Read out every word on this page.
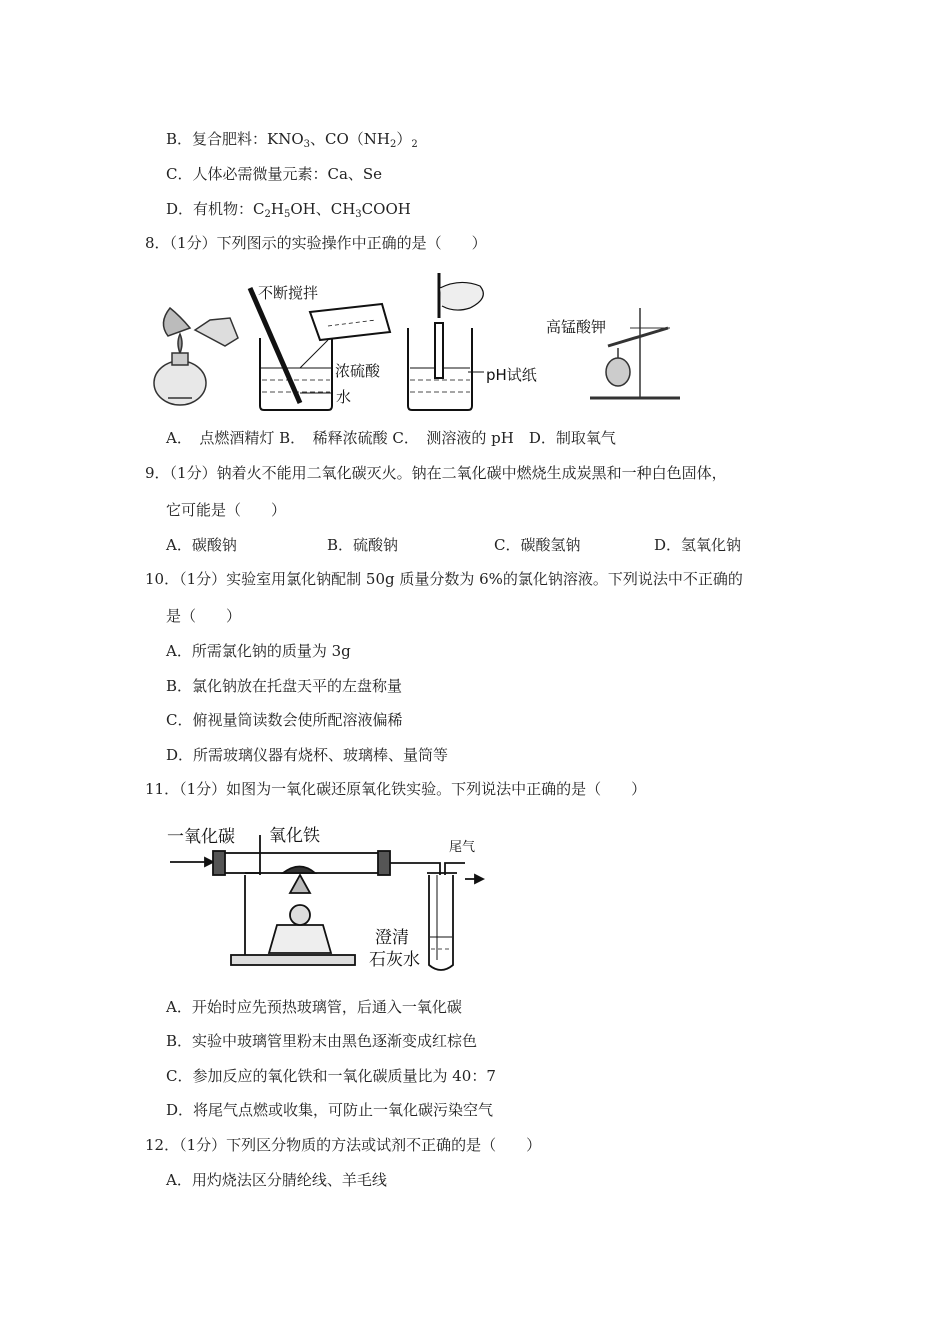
B．复合肥料：$KNO_3$、$CO(NH_2)_2$
C．人体必需微量元素：Ca、Se
D．有机物：$C_2H_5OH$、$CH_3COOH$
8．（1分）下列图示的实验操作中正确的是（　　）
不断搅拌
浓硫酸
水
pH试纸
高锰酸钾
A．　点燃酒精灯 B．　稀释浓硫酸 C．　测溶液的 pH　D．制取氧气
9．（1分）钠着火不能用二氧化碳灭火。钠在二氧化碳中燃烧生成炭黑和一种白色固体，
它可能是（　　）
A．碳酸钠	B．硫酸钠	C．碳酸氢钠	D．氢氧化钠
10．（1分）实验室用氯化钠配制 50g 质量分数为 6%的氯化钠溶液。下列说法中不正确的
是（　　）
A．所需氯化钠的质量为 3g
B．氯化钠放在托盘天平的左盘称量
C．俯视量筒读数会使所配溶液偏稀
D．所需玻璃仪器有烧杯、玻璃棒、量筒等
11．（1分）如图为一氧化碳还原氧化铁实验。下列说法中正确的是（　　）
一氧化碳 氧化铁
尾气
澄清
石灰水
A．开始时应先预热玻璃管，后通入一氧化碳
B．实验中玻璃管里粉末由黑色逐渐变成红棕色
C．参加反应的氧化铁和一氧化碳质量比为 40：7
D．将尾气点燃或收集，可防止一氧化碳污染空气
12．（1分）下列区分物质的方法或试剂不正确的是（　　）
A．用灼烧法区分腈纶线、羊毛线
